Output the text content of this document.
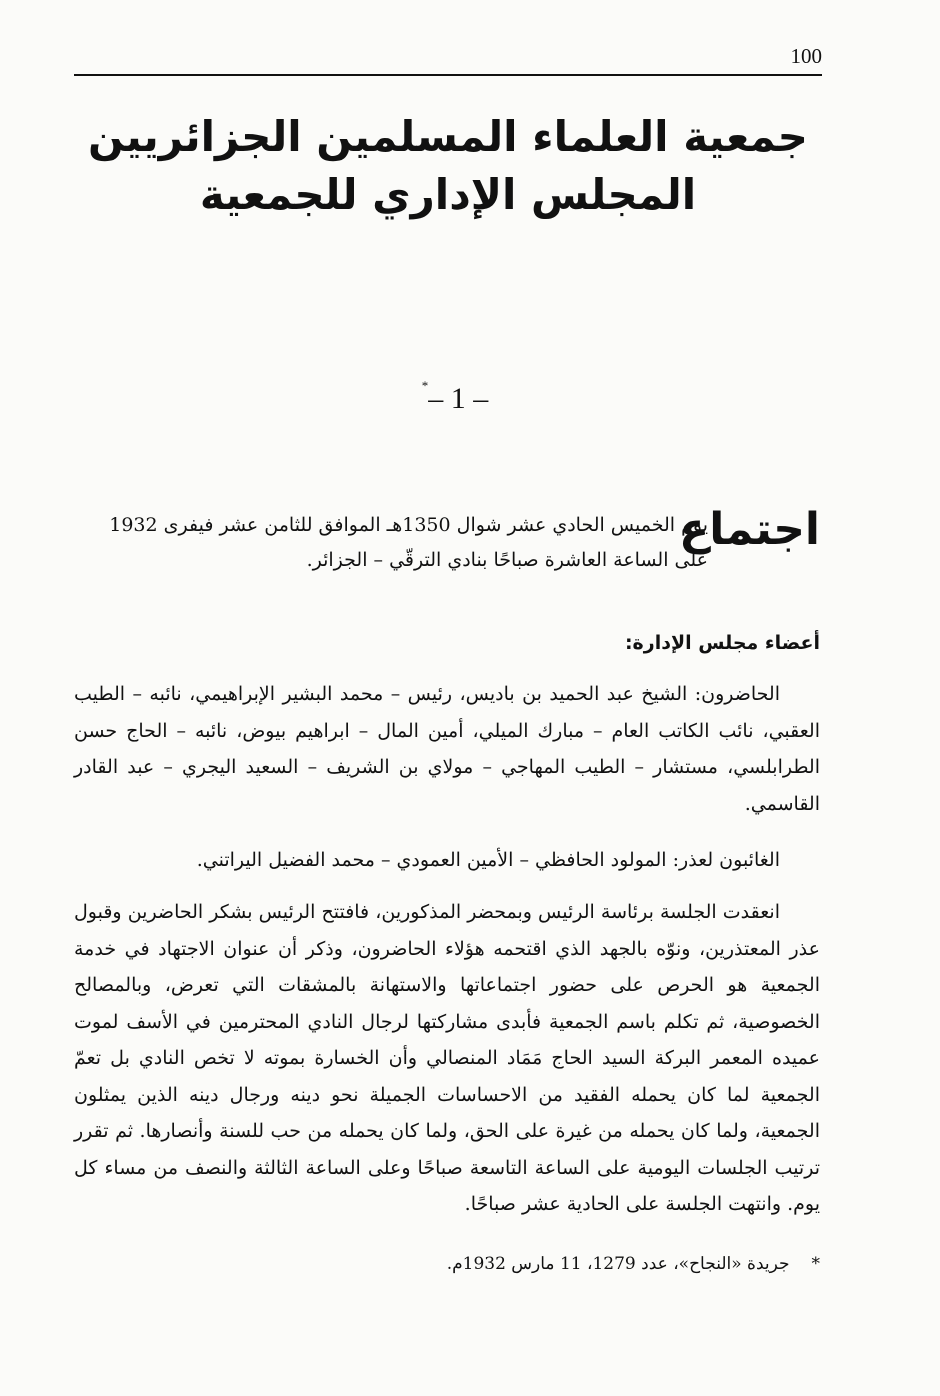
100
جمعية العلماء المسلمين الجزائريين
المجلس الإداري للجمعية
*– 1 –
اجتماع

يوم الخميس الحادي عشر شوال 1350هـ الموافق للثامن عشر فيفرى 1932
على الساعة العاشرة صباحًا بنادي الترقّي – الجزائر.

أعضاء مجلس الإدارة:

الحاضرون: الشيخ عبد الحميد بن باديس، رئيس – محمد البشير الإبراهيمي، نائبه – الطيب العقبي، نائب الكاتب العام – مبارك الميلي، أمين المال – ابراهيم بيوض، نائبه – الحاج حسن الطرابلسي، مستشار – الطيب المهاجي – مولاي بن الشريف – السعيد اليجري – عبد القادر القاسمي.

الغائبون لعذر: المولود الحافظي – الأمين العمودي – محمد الفضيل اليراتني.

انعقدت الجلسة برئاسة الرئيس وبمحضر المذكورين، فافتتح الرئيس بشكر الحاضرين وقبول عذر المعتذرين، ونوّه بالجهد الذي اقتحمه هؤلاء الحاضرون، وذكر أن عنوان الاجتهاد في خدمة الجمعية هو الحرص على حضور اجتماعاتها والاستهانة بالمشقات التي تعرض، وبالمصالح الخصوصية، ثم تكلم باسم الجمعية فأبدى مشاركتها لرجال النادي المحترمين في الأسف لموت عميده المعمر البركة السيد الحاج مَمَاد المنصالي وأن الخسارة بموته لا تخص النادي بل تعمّ الجمعية لما كان يحمله الفقيد من الاحساسات الجميلة نحو دينه ورجال دينه الذين يمثلون الجمعية، ولما كان يحمله من غيرة على الحق، ولما كان يحمله من حب للسنة وأنصارها. ثم تقرر ترتيب الجلسات اليومية على الساعة التاسعة صباحًا وعلى الساعة الثالثة والنصف من مساء كل يوم. وانتهت الجلسة على الحادية عشر صباحًا.

*جريدة «النجاح»، عدد 1279، 11 مارس 1932م.
